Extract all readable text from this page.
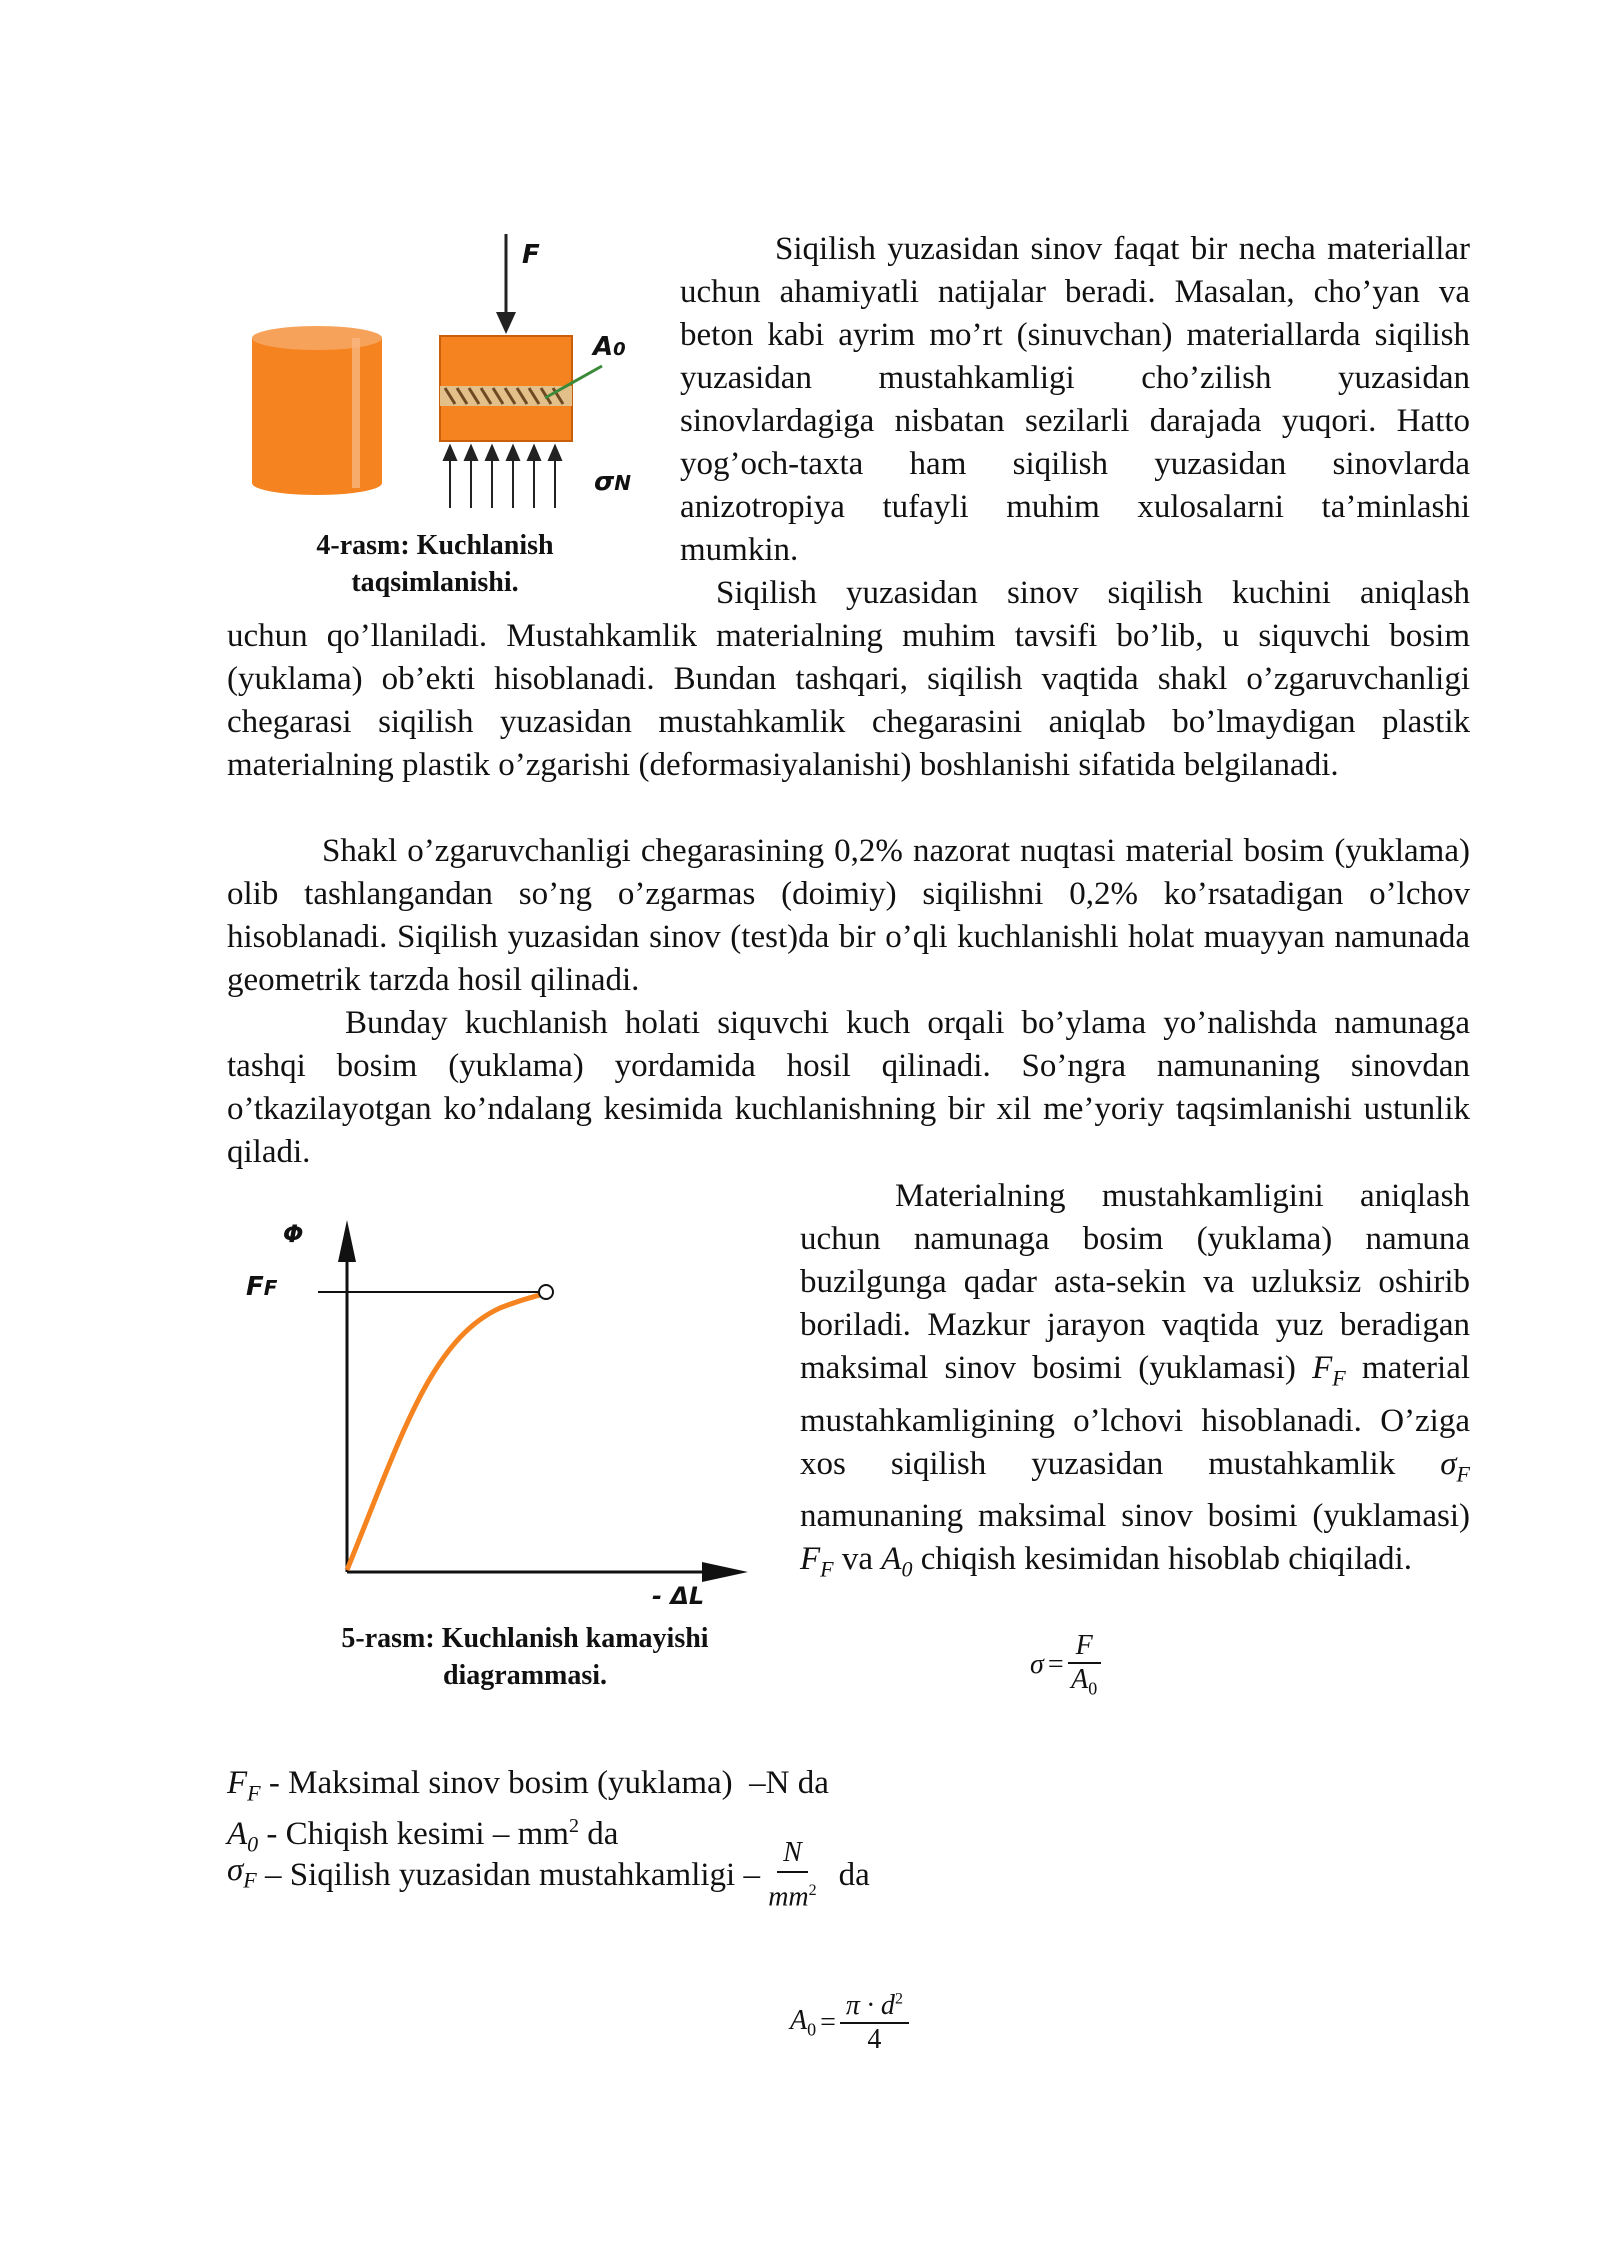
F
A0
σN
4-rasm: Kuchlanish taqsimlanishi.

Siqilish yuzasidan sinov faqat bir necha materiallar uchun ahamiyatli natijalar beradi. Masalan, cho’yan va beton kabi ayrim mo’rt (sinuvchan) materiallarda siqilish yuzasidan mustahkamligi cho’zilish yuzasidan sinovlardagiga nisbatan sezilarli darajada yuqori. Hatto yog’och-taxta ham siqilish yuzasidan sinovlarda anizotropiya tufayli muhim xulosalarni ta’minlashi mumkin.

Siqilish yuzasidan sinov siqilish kuchini aniqlash

uchun qo’llaniladi. Mustahkamlik materialning muhim tavsifi bo’lib, u siquvchi bosim (yuklama) ob’ekti hisoblanadi. Bundan tashqari, siqilish vaqtida shakl o’zgaruvchanligi chegarasi siqilish yuzasidan mustahkamlik chegarasini aniqlab bo’lmaydigan plastik materialning plastik o’zgarishi (deformasiyalanishi) boshlanishi sifatida belgilanadi.

Shakl o’zgaruvchanligi chegarasining 0,2% nazorat nuqtasi material bosim (yuklama) olib tashlangandan so’ng o’zgarmas (doimiy) siqilishni 0,2% ko’rsatadigan o’lchov hisoblanadi. Siqilish yuzasidan sinov (test)da bir o’qli kuchlanishli holat muayyan namunada geometrik tarzda hosil qilinadi.

Bunday kuchlanish holati siquvchi kuch orqali bo’ylama yo’nalishda namunaga tashqi bosim (yuklama) yordamida hosil qilinadi. So’ngra namunaning sinovdan o’tkazilayotgan ko’ndalang kesimida kuchlanishning bir xil me’yoriy taqsimlanishi ustunlik qiladi.

Φ
FF
- ΔL
5-rasm: Kuchlanish kamayishi diagrammasi.

Materialning mustahkamligini aniqlash uchun namunaga bosim (yuklama) namuna buzilgunga qadar asta-sekin va uzluksiz oshirib boriladi. Mazkur jarayon vaqtida yuz beradigan maksimal sinov bosimi (yuklamasi) $F_F$ material mustahkamligining o’lchovi hisoblanadi. O’ziga xos siqilish yuzasidan mustahkamlik $\sigma_F$ namunaning maksimal sinov bosimi (yuklamasi) $F_F$ va $A_0$ chiqish kesimidan hisoblab chiqiladi.

$\sigma = \frac{F}{A_0}$
$F_F$ - Maksimal sinov bosim (yuklama)  –N da
$A_0$ - Chiqish kesimi – $mm^2$ da
$\sigma_F$ – Siqilish yuzasidan mustahkamligi – $\frac{N}{mm^2}$ da
$A_0 = \frac{\pi \cdot d^2}{4}$
